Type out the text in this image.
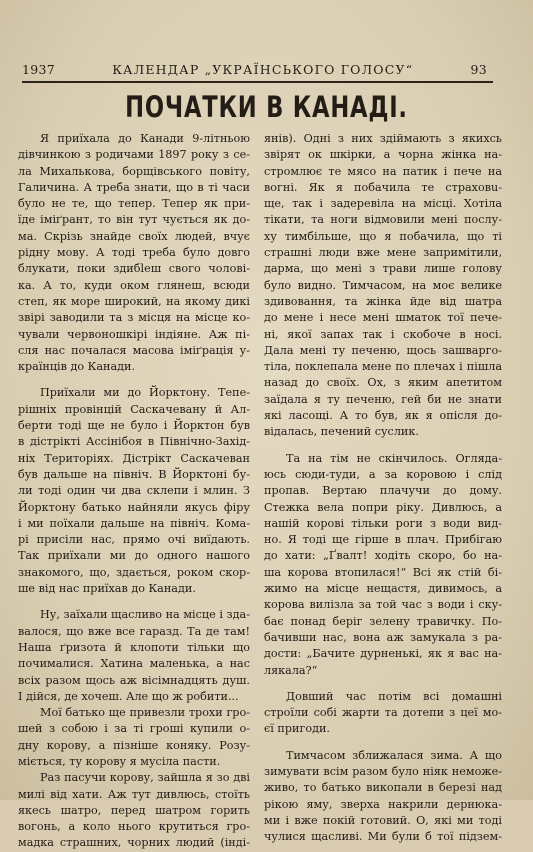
1937	КАЛЕНДАР „УКРАЇНСЬКОГО ГОЛОСУ“	93
ПОЧАТКИ В КАНАДІ.
Я приїхала до Канади 9-літньою
дівчинкою з родичами 1897 року з се-
ла Михалькова, борщівського повіту,
Галичина. А треба знати, що в ті часи
було не те, що тепер. Тепер як при-
їде іміґрант, то він тут чується як до-
ма. Скрізь знайде своїх людей, вчує
рідну мову. А тоді треба було довго
блукати, поки здибleш свого чолові-
ка. А то, куди оком глянеш, всюди
степ, як море широкий, на якому дикі
звірі заводили та з місця на місце ко-
чували червоношкірі індіяне. Аж пі-
сля нас почалася масова іміґрація у-
країнців до Канади.
Приїхали ми до Йорктону. Тепе-
рішніх провінцій Саскачевану й Ал-
берти тоді ще не було і Йорктон був
в дістрікті Ассінібоя в Північно-Захід-
ніх Територіях. Дістрікт Саскачеван
був дальше на північ. В Йорктоні бу-
ли тоді один чи два склепи і млин. З
Йорктону батько найняли якусь фіру
і ми поїхали дальше на північ. Комa-
рі присіли нас, прямо очі виїдають.
Так приїхали ми до одного нашого
знакомого, що, здається, роком скор-
ше від нас приїхав до Канади.
Ну, заїхали щасливо на місце і зда-
валося, що вже все гаразд. Та де там!
Наша ґризота й клопоти тільки що
почималися. Хатина маленька, а нас
всіх разом щось аж вісімнадцять душ.
І дійся, де хочеш. Але що ж робити...
Мої батько ще привезли трохи гро-
шей з собою і за ті гроші купили о-
дну корову, а пізніше коняку. Розу-
міється, ту корову я мусіла пасти.
Раз пасучи корову, зайшла я зо дві
милі від хати. Аж тут дивлюсь, стоїть
якесь шатро, перед шатром горить
вогонь, а коло нього крутиться гро-
мадка страшних, чорних людий (інді-
янів). Одні з них здіймають з якихсь
звірят ок шкірки, а чорна жінка на-
стромлює те мясо на патик і пече на
вогні. Як я побачила те страховu-
ще, так і задеревіла на місці. Хотіла
тікати, та ноги відмовили мені послу-
ху тимбільше, що я побачила, що ті
страшні люди вже мене запримітили,
дарма, що мені з трави лише голову
було видно. Тимчасом, на моє велике
здивовання, та жінка йде від шатра
до мене і несе мені шматок тої печe-
ні, якої запах так і скобоче в носі.
Дала мені ту печеню, щось зашварго-
тіла, поклепала мене по плечах і пішла
назад до своїх. Ох, з яким апетитом
заїдала я ту печеню, гей би не знати
які ласощі. А то був, як я опісля до-
відалась, печений суслик.
Та на тім не скінчилось. Огляда-
юсь сюди-туди, а за коровою і слід
пропав. Вертаю плачучи до дому.
Стежка вела попри ріку. Дивлюсь, а
нашій корові тільки роги з води вид-
но. Я тоді ще гірше в плач. Прибігаю
до хати: „Ґвалт! ходіть скоро, бо на-
ша корова втопилася!“ Всі як стій бі-
жимо на місце нещастя, дивимось, а
корова вилізла за той час з води і ску-
бає понад беріг зелену травичку. По-
бачивши нас, вона аж замукала з ра-
дости: „Бачите дурненькі, як я вас на-
лякала?“
Довший час потім всі домашні
строїли собі жарти та дотепи з цеї мо-
єї пригоди.
Тимчасом зближалася зима. А що
зимувати всім разом було ніяк неможе-
живо, то батько викопали в березі над
рікою яму, зверха накрили дернюка-
ми і вже покій готовий. О, які ми тоді
чулися щасливі. Ми були б тої підзем-
